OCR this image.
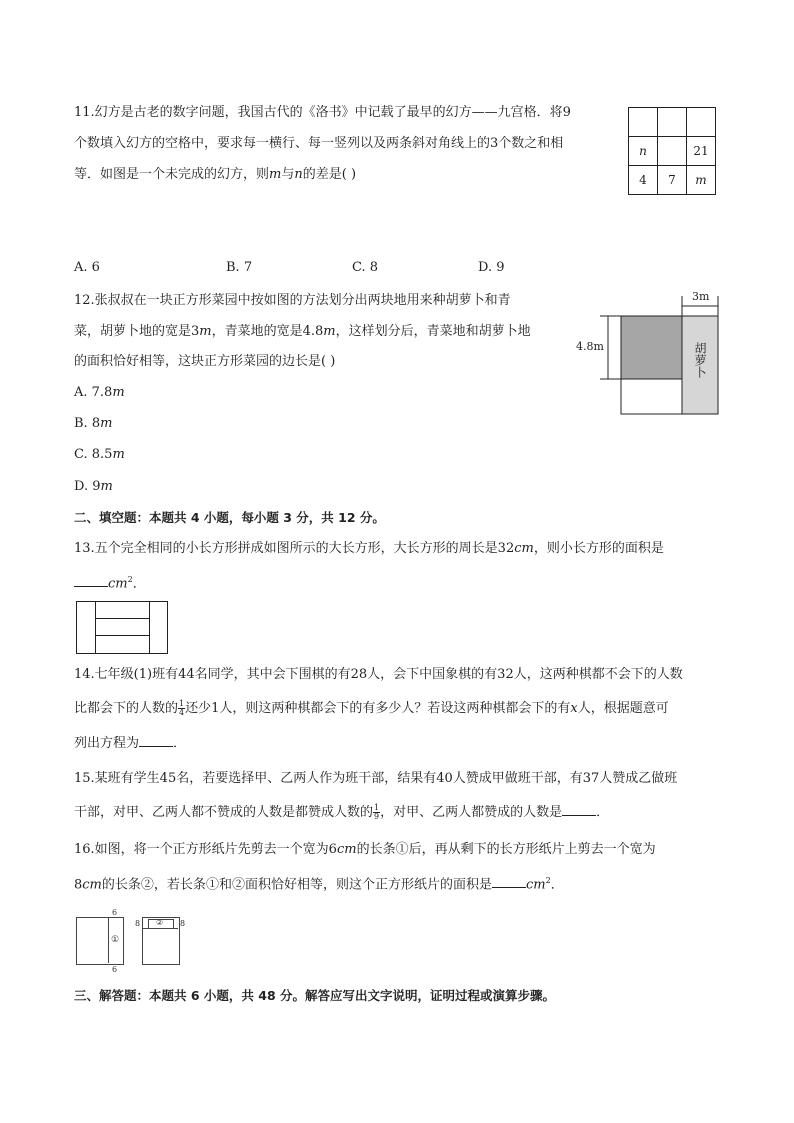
11.幻方是古老的数字问题，我国古代的《洛书》中记载了最早的幻方——九宫格．将9
个数填入幻方的空格中，要求每一横行、每一竖列以及两条斜对角线上的3个数之和相
等．如图是一个未完成的幻方，则m与n的差是( )

n		21
4	7	m
A. 6	B. 7	C. 8	D. 9
12.张叔叔在一块正方形菜园中按如图的方法划分出两块地用来种胡萝卜和青
菜，胡萝卜地的宽是3m，青菜地的宽是4.8m，这样划分后，青菜地和胡萝卜地
的面积恰好相等，这块正方形菜园的边长是( )
A. 7.8m
B. 8m
C. 8.5m
D. 9m
3m
4.8m	胡萝卜
二、填空题：本题共 4 小题，每小题 3 分，共 12 分。
13.五个完全相同的小长方形拼成如图所示的大长方形，大长方形的周长是32cm，则小长方形的面积是
$cm^2$．
14.七年级(1)班有44名同学，其中会下围棋的有28人，会下中国象棋的有32人，这两种棋都不会下的人数
比都会下的人数的 $\frac{1}{4}$ 还少1人，则这两种棋都会下的有多少人？若设这两种棋都会下的有x人，根据题意可
列出方程为	．
15.某班有学生45名，若要选择甲、乙两人作为班干部，结果有40人赞成甲做班干部，有37人赞成乙做班
干部，对甲、乙两人都不赞成的人数是都赞成人数的 $\frac{1}{9}$ ，对甲、乙两人都赞成的人数是	．
16.如图，将一个正方形纸片先剪去一个宽为6cm的长条①后，再从剩下的长方形纸片上剪去一个宽为
8cm的长条②，若长条①和②面积恰好相等，则这个正方形纸片的面积是	$cm^2$．
6
6
①
②
8	8
三、解答题：本题共 6 小题，共 48 分。解答应写出文字说明，证明过程或演算步骤。
